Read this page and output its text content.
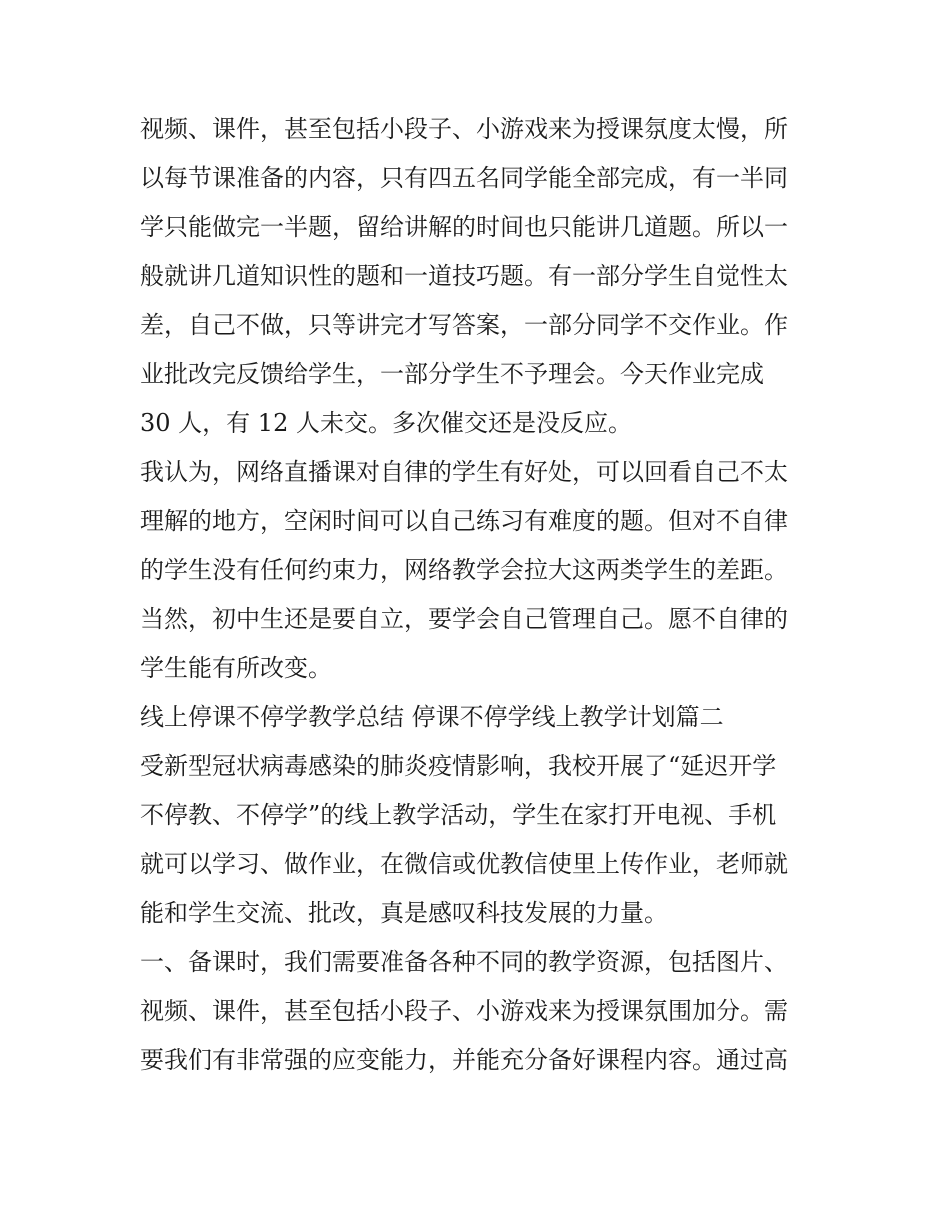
视频、课件，甚至包括小段子、小游戏来为授课氛度太慢，所
以每节课准备的内容，只有四五名同学能全部完成，有一半同
学只能做完一半题，留给讲解的时间也只能讲几道题。所以一
般就讲几道知识性的题和一道技巧题。有一部分学生自觉性太
差，自己不做，只等讲完才写答案，一部分同学不交作业。作
业批改完反馈给学生，一部分学生不予理会。今天作业完成
30 人，有 12 人未交。多次催交还是没反应。
我认为，网络直播课对自律的学生有好处，可以回看自己不太
理解的地方，空闲时间可以自己练习有难度的题。但对不自律
的学生没有任何约束力，网络教学会拉大这两类学生的差距。
当然，初中生还是要自立，要学会自己管理自己。愿不自律的
学生能有所改变。
线上停课不停学教学总结 停课不停学线上教学计划篇二
受新型冠状病毒感染的肺炎疫情影响，我校开展了“延迟开学
不停教、不停学”的线上教学活动，学生在家打开电视、手机
就可以学习、做作业，在微信或优教信使里上传作业，老师就
能和学生交流、批改，真是感叹科技发展的力量。
一、备课时，我们需要准备各种不同的教学资源，包括图片、
视频、课件，甚至包括小段子、小游戏来为授课氛围加分。需
要我们有非常强的应变能力，并能充分备好课程内容。通过高
